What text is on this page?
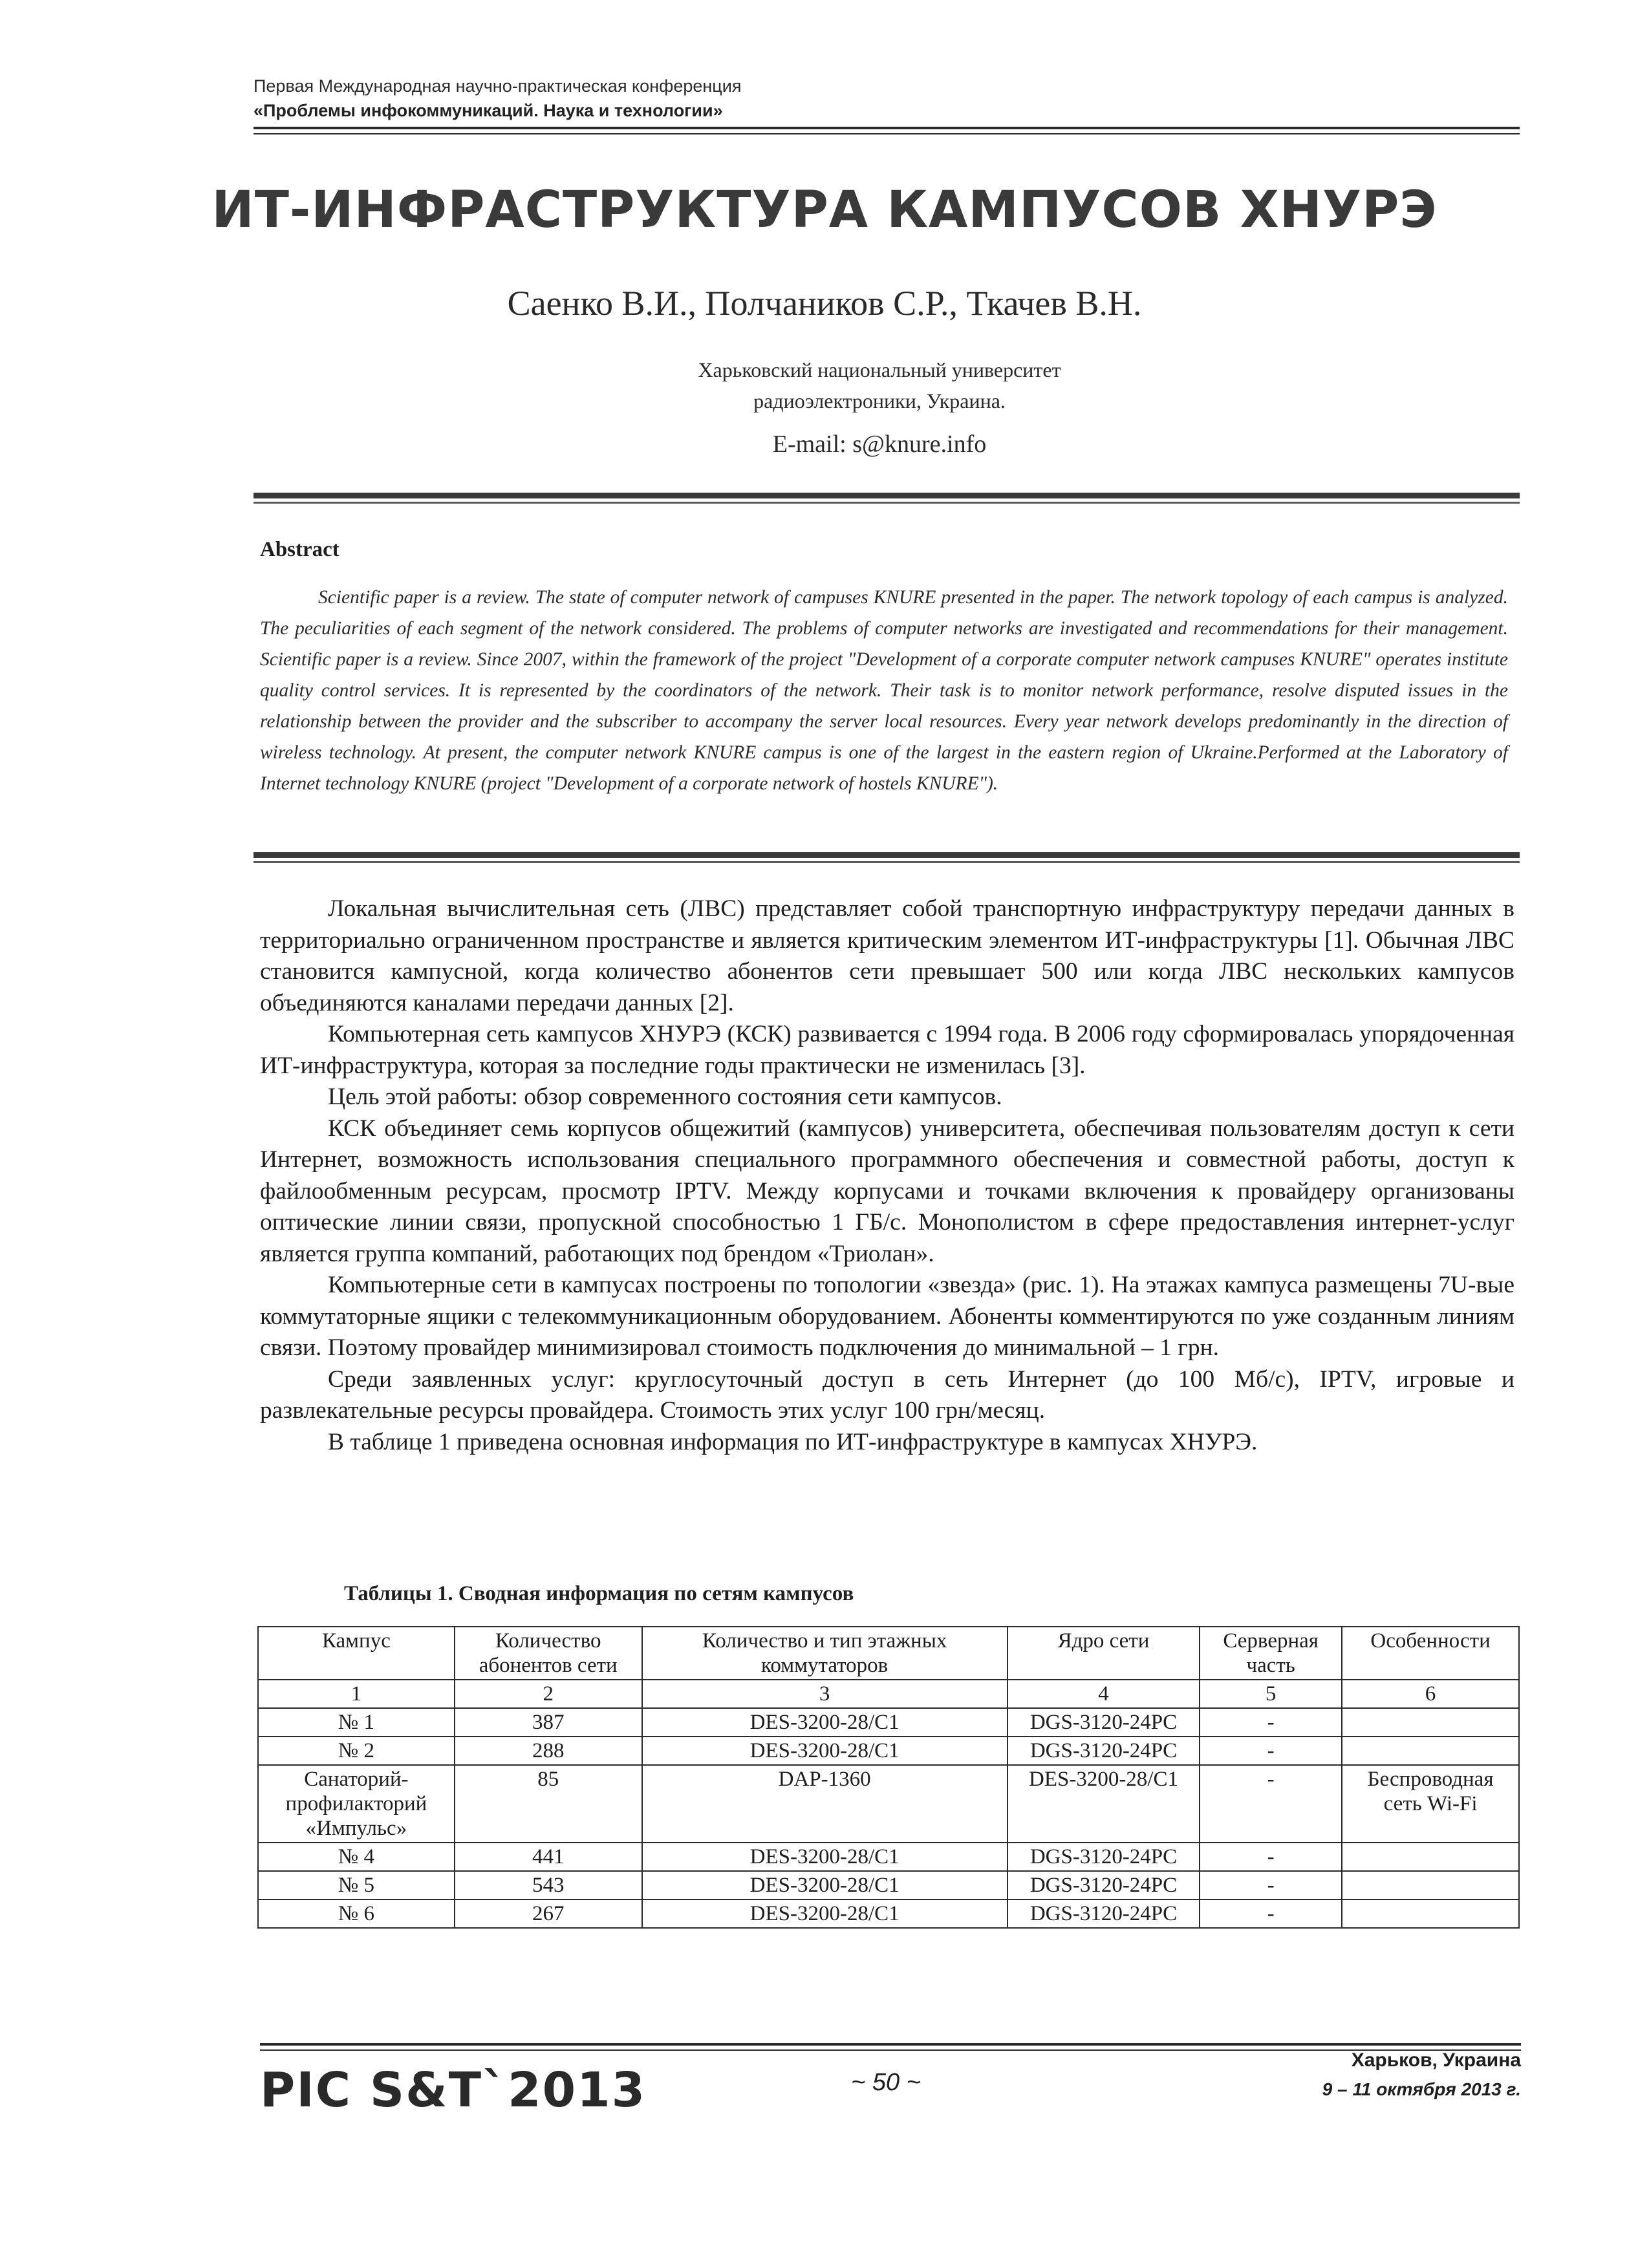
Первая Международная научно-практическая конференция
«Проблемы инфокоммуникаций. Наука и технологии»
ИТ-ИНФРАСТРУКТУРА КАМПУСОВ ХНУРЭ
Саенко В.И., Полчаников С.Р., Ткачев В.Н.
Харьковский национальный университет
радиоэлектроники, Украина.
E-mail: s@knure.info
Abstract
Scientific paper is a review. The state of computer network of campuses KNURE presented in the paper. The network topology of each campus is analyzed. The peculiarities of each segment of the network considered. The problems of computer networks are investigated and recommendations for their management. Scientific paper is a review. Since 2007, within the framework of the project "Development of a corporate computer network campuses KNURE" operates institute quality control services. It is represented by the coordinators of the network. Their task is to monitor network performance, resolve disputed issues in the relationship between the provider and the subscriber to accompany the server local resources. Every year network develops predominantly in the direction of wireless technology. At present, the computer network KNURE campus is one of the largest in the eastern region of Ukraine.Performed at the Laboratory of Internet technology KNURE (project "Development of a corporate network of hostels KNURE").

Локальная вычислительная сеть (ЛВС) представляет собой транспортную инфраструктуру передачи данных в территориально ограниченном пространстве и является критическим элементом ИТ-инфраструктуры [1]. Обычная ЛВС становится кампусной, когда количество абонентов сети превышает 500 или когда ЛВС нескольких кампусов объединяются каналами передачи данных [2].

Компьютерная сеть кампусов ХНУРЭ (КСК) развивается с 1994 года. В 2006 году сформировалась упорядоченная ИТ-инфраструктура, которая за последние годы практически не изменилась [3].

Цель этой работы: обзор современного состояния сети кампусов.

КСК объединяет семь корпусов общежитий (кампусов) университета, обеспечивая пользователям доступ к сети Интернет, возможность использования специального программного обеспечения и совместной работы, доступ к файлообменным ресурсам, просмотр IPTV. Между корпусами и точками включения к провайдеру организованы оптические линии связи, пропускной способностью 1 ГБ/с. Монополистом в сфере предоставления интернет-услуг является группа компаний, работающих под брендом «Триолан».

Компьютерные сети в кампусах построены по топологии «звезда» (рис. 1). На этажах кампуса размещены 7U-вые коммутаторные ящики с телекоммуникационным оборудованием. Абоненты комментируются по уже созданным линиям связи. Поэтому провайдер минимизировал стоимость подключения до минимальной – 1 грн.

Среди заявленных услуг: круглосуточный доступ в сеть Интернет (до 100 Мб/с), IPTV, игровые и развлекательные ресурсы провайдера. Стоимость этих услуг 100 грн/месяц.

В таблице 1 приведена основная информация по ИТ-инфраструктуре в кампусах ХНУРЭ.

Таблицы 1. Сводная информация по сетям кампусов
Кампус	Количество абонентов сети	Количество и тип этажных коммутаторов	Ядро сети	Серверная часть	Особенности
1	2	3	4	5	6
№ 1	387	DES-3200-28/C1	DGS-3120-24PC	-	
№ 2	288	DES-3200-28/C1	DGS-3120-24PC	-	
Санаторий-профилакторий «Импульс»	85	DAP-1360	DES-3200-28/C1	-	Беспроводная сеть Wi-Fi
№ 4	441	DES-3200-28/C1	DGS-3120-24PC	-	
№ 5	543	DES-3200-28/C1	DGS-3120-24PC	-	
№ 6	267	DES-3200-28/C1	DGS-3120-24PC	-	
PIC S&T`2013	~ 50 ~
Харьков, Украина
9 – 11 октября 2013 г.
